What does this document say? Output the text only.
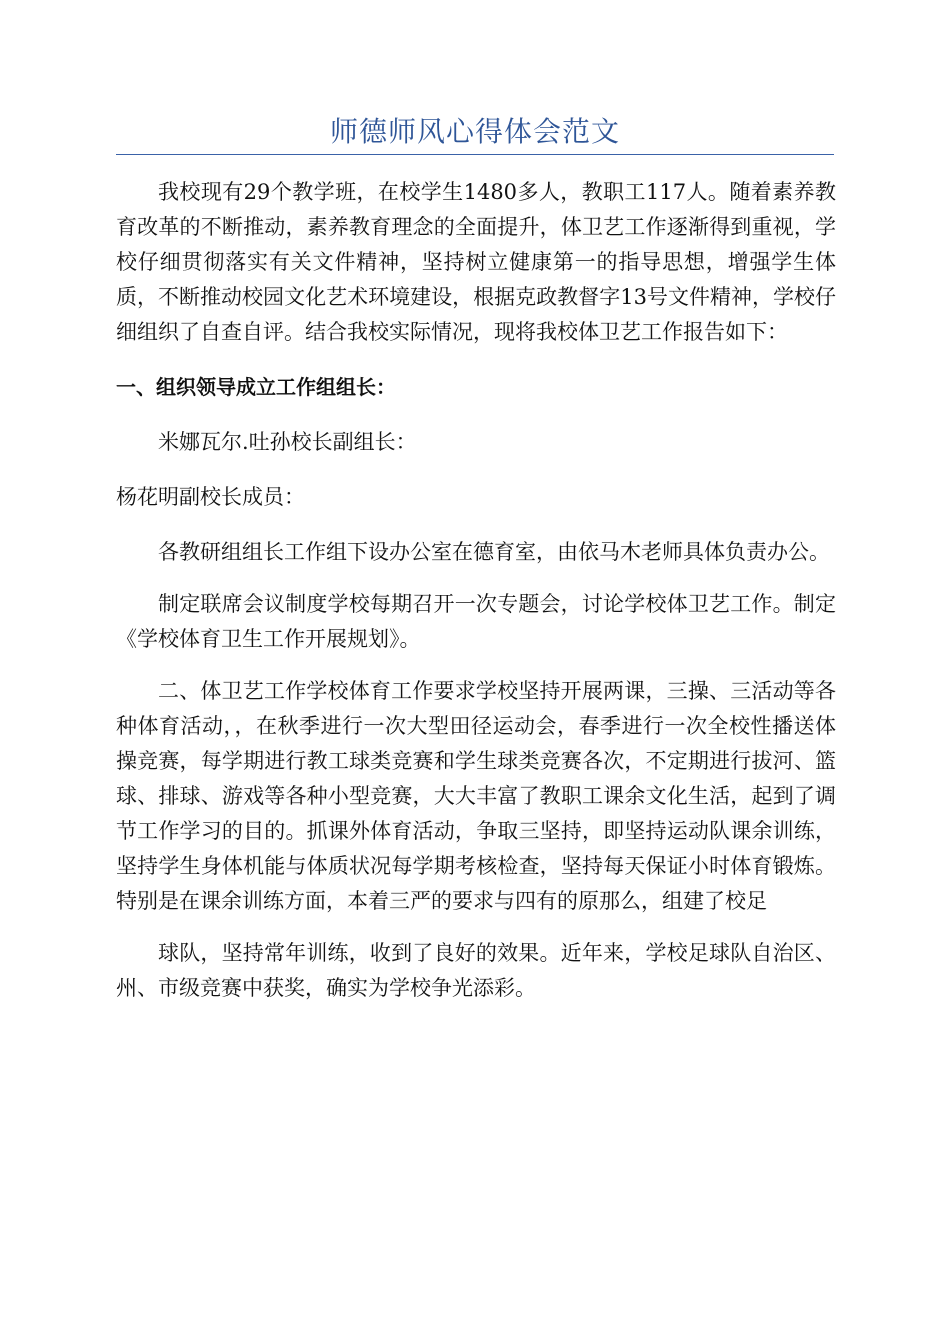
师德师风心得体会范文

我校现有29个教学班，在校学生1480多人，教职工117人。随着素养教育改革的不断推动，素养教育理念的全面提升，体卫艺工作逐渐得到重视，学校仔细贯彻落实有关文件精神，坚持树立健康第一的指导思想，增强学生体质，不断推动校园文化艺术环境建设，根据克政教督字13号文件精神，学校仔细组织了自查自评。结合我校实际情况，现将我校体卫艺工作报告如下：

一、组织领导成立工作组组长：

米娜瓦尔.吐孙校长副组长：

杨花明副校长成员：

各教研组组长工作组下设办公室在德育室，由依马木老师具体负责办公。

制定联席会议制度学校每期召开一次专题会，讨论学校体卫艺工作。制定《学校体育卫生工作开展规划》。

二、体卫艺工作学校体育工作要求学校坚持开展两课，三操、三活动等各种体育活动，，在秋季进行一次大型田径运动会，春季进行一次全校性播送体操竞赛，每学期进行教工球类竞赛和学生球类竞赛各次，不定期进行拔河、篮球、排球、游戏等各种小型竞赛，大大丰富了教职工课余文化生活，起到了调节工作学习的目的。抓课外体育活动，争取三坚持，即坚持运动队课余训练，坚持学生身体机能与体质状况每学期考核检查，坚持每天保证小时体育锻炼。特别是在课余训练方面，本着三严的要求与四有的原那么，组建了校足

球队，坚持常年训练，收到了良好的效果。近年来，学校足球队自治区、州、市级竞赛中获奖，确实为学校争光添彩。
